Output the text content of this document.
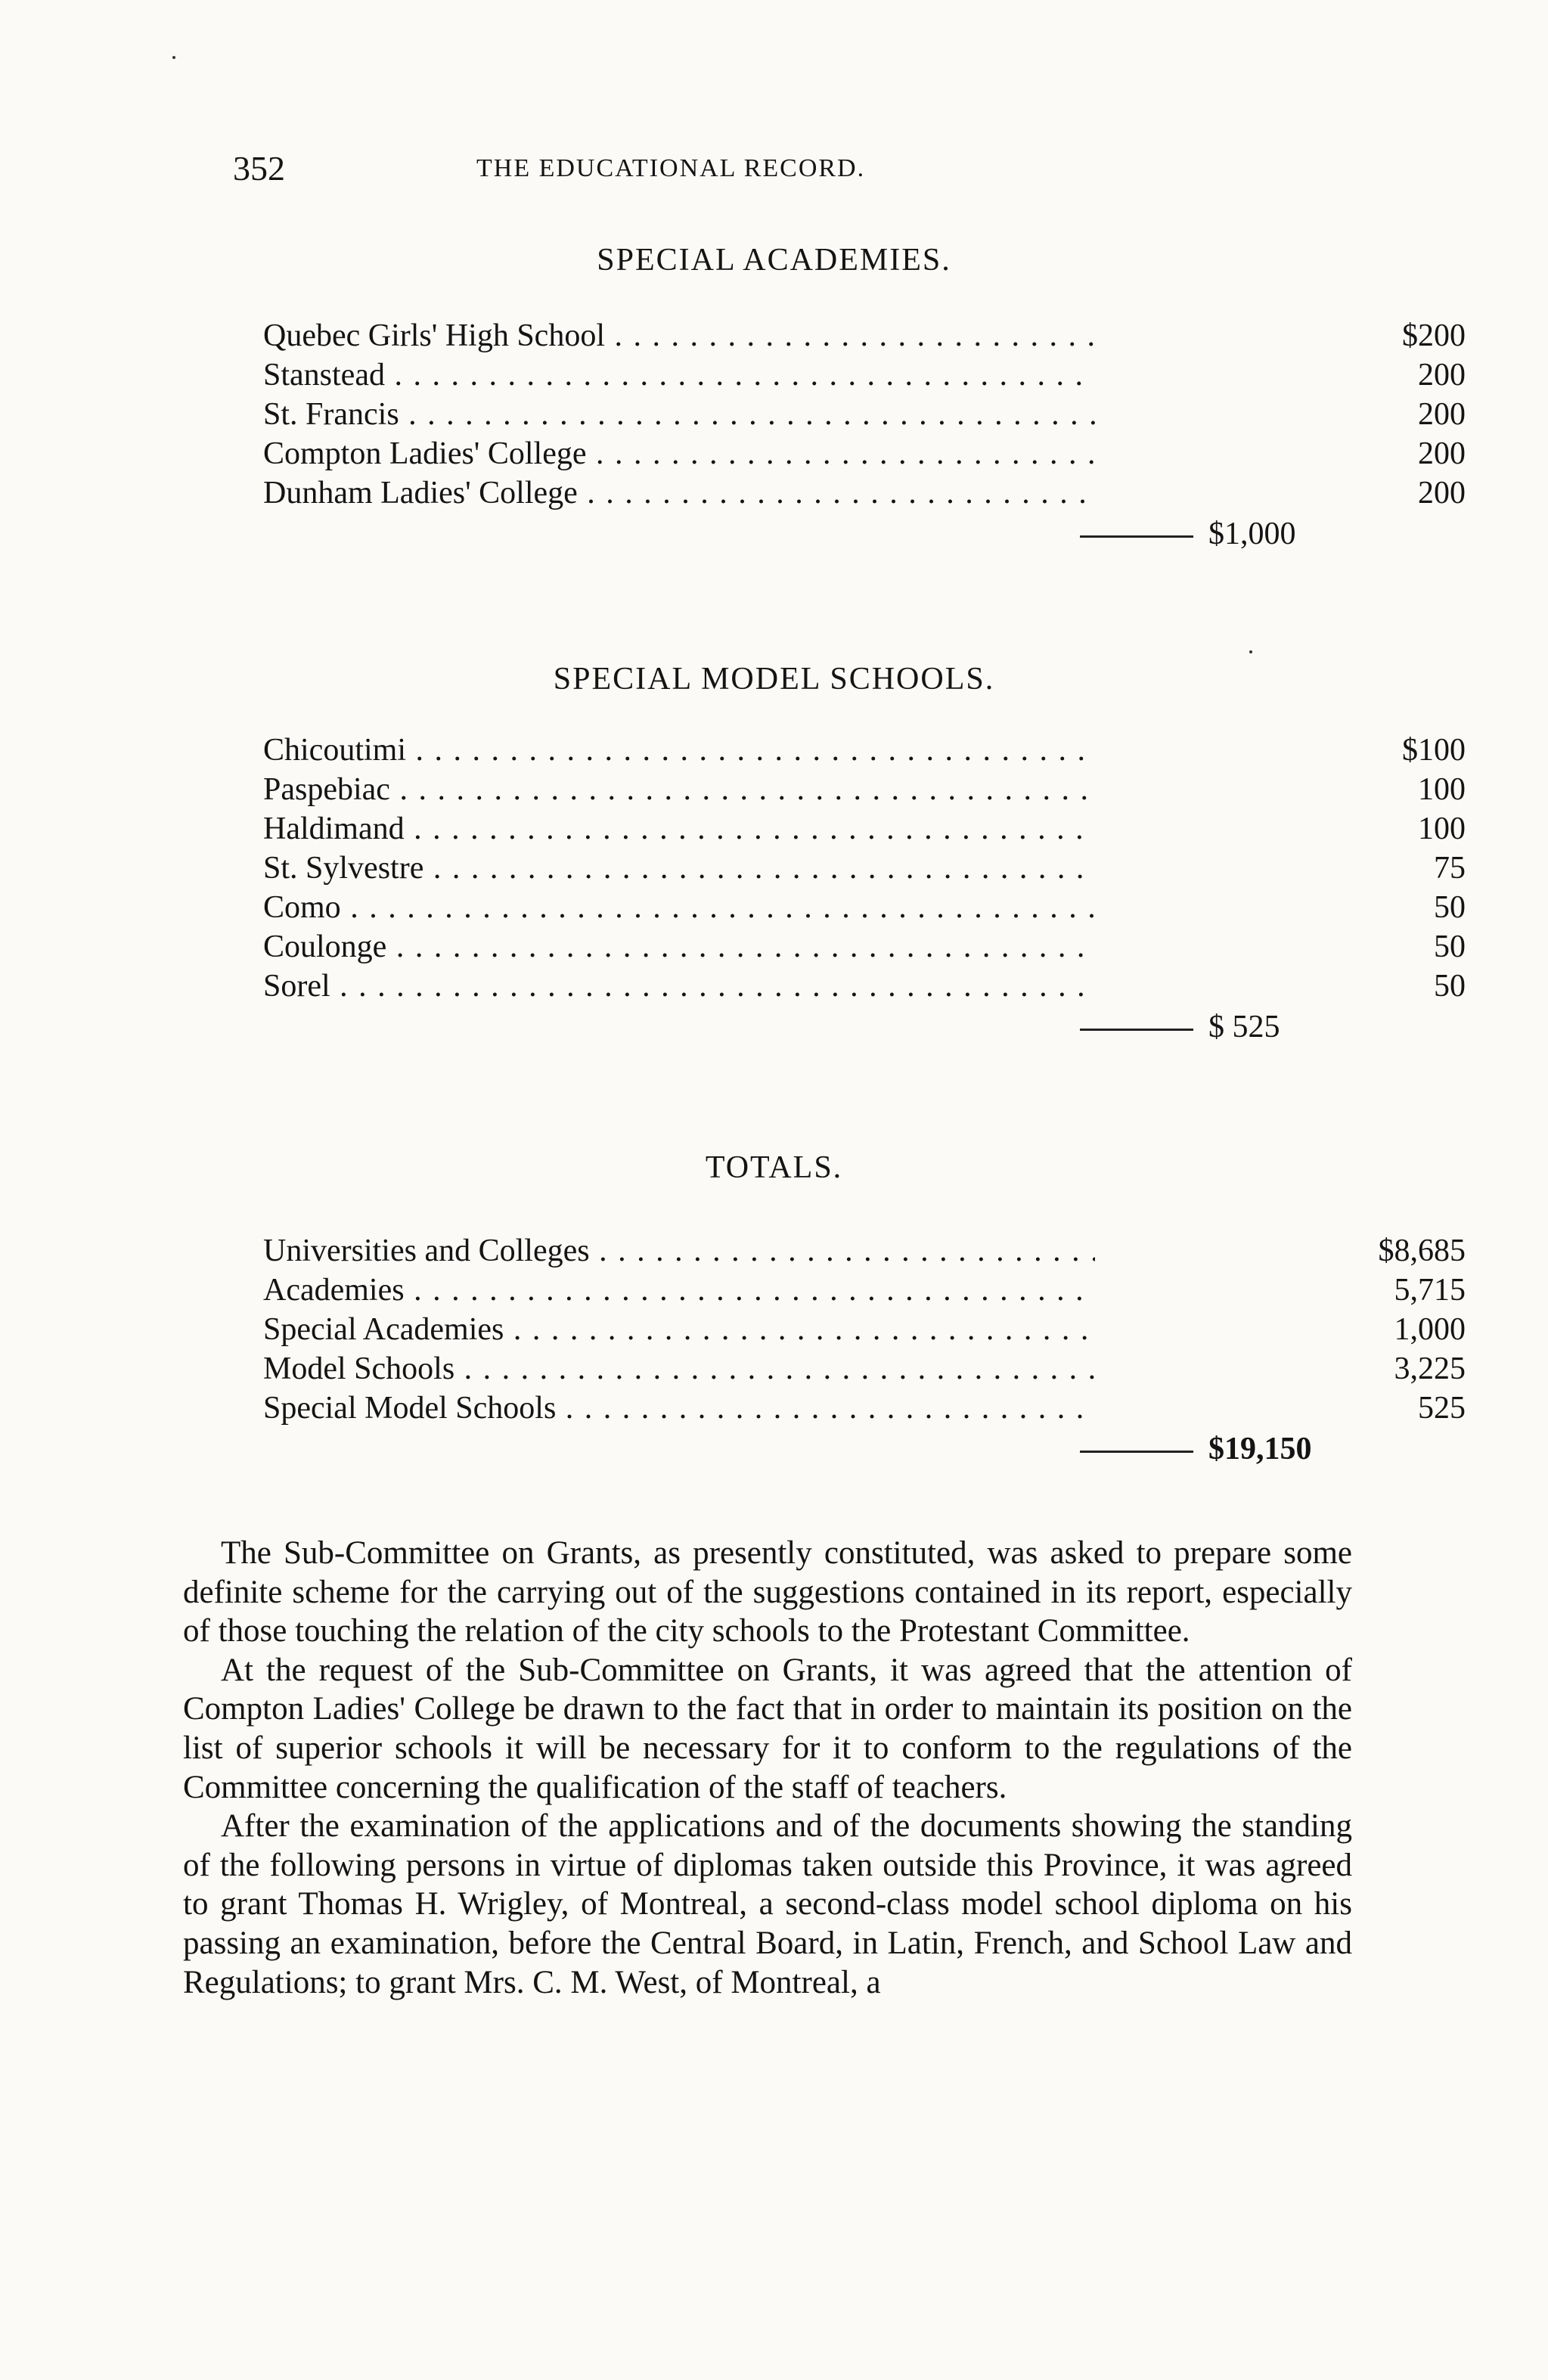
352	THE EDUCATIONAL RECORD.
SPECIAL ACADEMIES.
Quebec Girls' High School . . .	$200
Stanstead . . .	200
St. Francis . . .	200
Compton Ladies' College . . .	200
Dunham Ladies' College . . .	200
$1,000
SPECIAL MODEL SCHOOLS.
Chicoutimi . . .	$100
Paspebiac . . .	100
Haldimand . . .	100
St. Sylvestre . . .	75
Como . . .	50
Coulonge . . .	50
Sorel . . .	50
$ 525
TOTALS.
Universities and Colleges . . .	$8,685
Academies . . .	5,715
Special Academies . . .	1,000
Model Schools . . .	3,225
Special Model Schools . . .	525
$19,150

The Sub-Committee on Grants, as presently constituted, was asked to prepare some definite scheme for the carrying out of the suggestions contained in its report, especially of those touching the relation of the city schools to the Protestant Committee.

At the request of the Sub-Committee on Grants, it was agreed that the attention of Compton Ladies' College be drawn to the fact that in order to maintain its position on the list of superior schools it will be necessary for it to conform to the regulations of the Committee concerning the qualification of the staff of teachers.

After the examination of the applications and of the documents showing the standing of the following persons in virtue of diplomas taken outside this Province, it was agreed to grant Thomas H. Wrigley, of Montreal, a second-class model school diploma on his passing an examination, before the Central Board, in Latin, French, and School Law and Regulations; to grant Mrs. C. M. West, of Montreal, a
